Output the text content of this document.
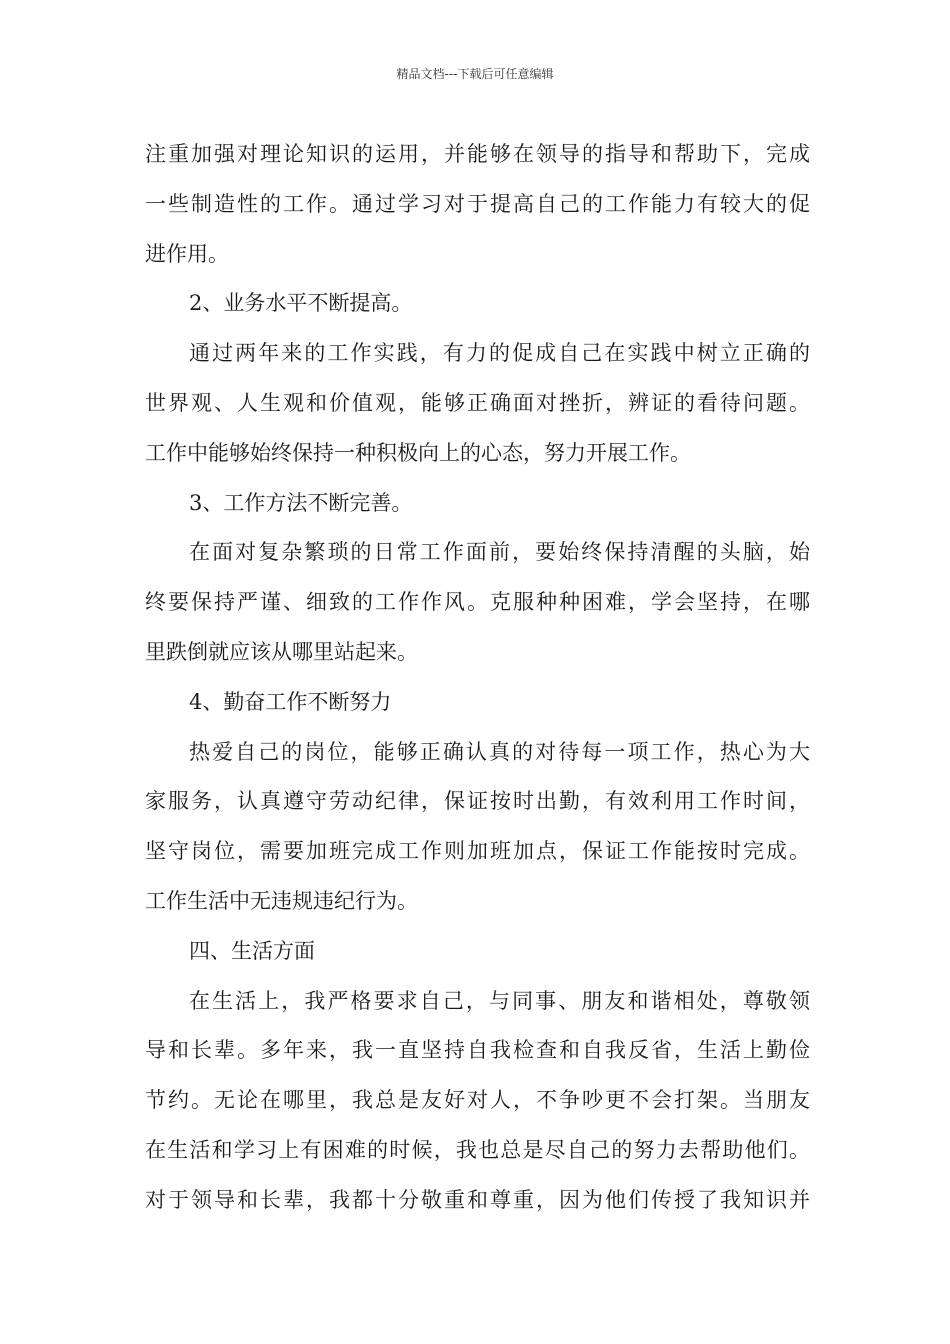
精品文档---下载后可任意编辑
注重加强对理论知识的运用，并能够在领导的指导和帮助下，完成
一些制造性的工作。通过学习对于提高自己的工作能力有较大的促
进作用。
2、业务水平不断提高。
通过两年来的工作实践，有力的促成自己在实践中树立正确的
世界观、人生观和价值观，能够正确面对挫折，辨证的看待问题。
工作中能够始终保持一种积极向上的心态，努力开展工作。
3、工作方法不断完善。
在面对复杂繁琐的日常工作面前，要始终保持清醒的头脑，始
终要保持严谨、细致的工作作风。克服种种困难，学会坚持，在哪
里跌倒就应该从哪里站起来。
4、勤奋工作不断努力
热爱自己的岗位，能够正确认真的对待每一项工作，热心为大
家服务，认真遵守劳动纪律，保证按时出勤，有效利用工作时间，
坚守岗位，需要加班完成工作则加班加点，保证工作能按时完成。
工作生活中无违规违纪行为。
四、生活方面
在生活上，我严格要求自己，与同事、朋友和谐相处，尊敬领
导和长辈。多年来，我一直坚持自我检查和自我反省，生活上勤俭
节约。无论在哪里，我总是友好对人，不争吵更不会打架。当朋友
在生活和学习上有困难的时候，我也总是尽自己的努力去帮助他们。
对于领导和长辈，我都十分敬重和尊重，因为他们传授了我知识并
